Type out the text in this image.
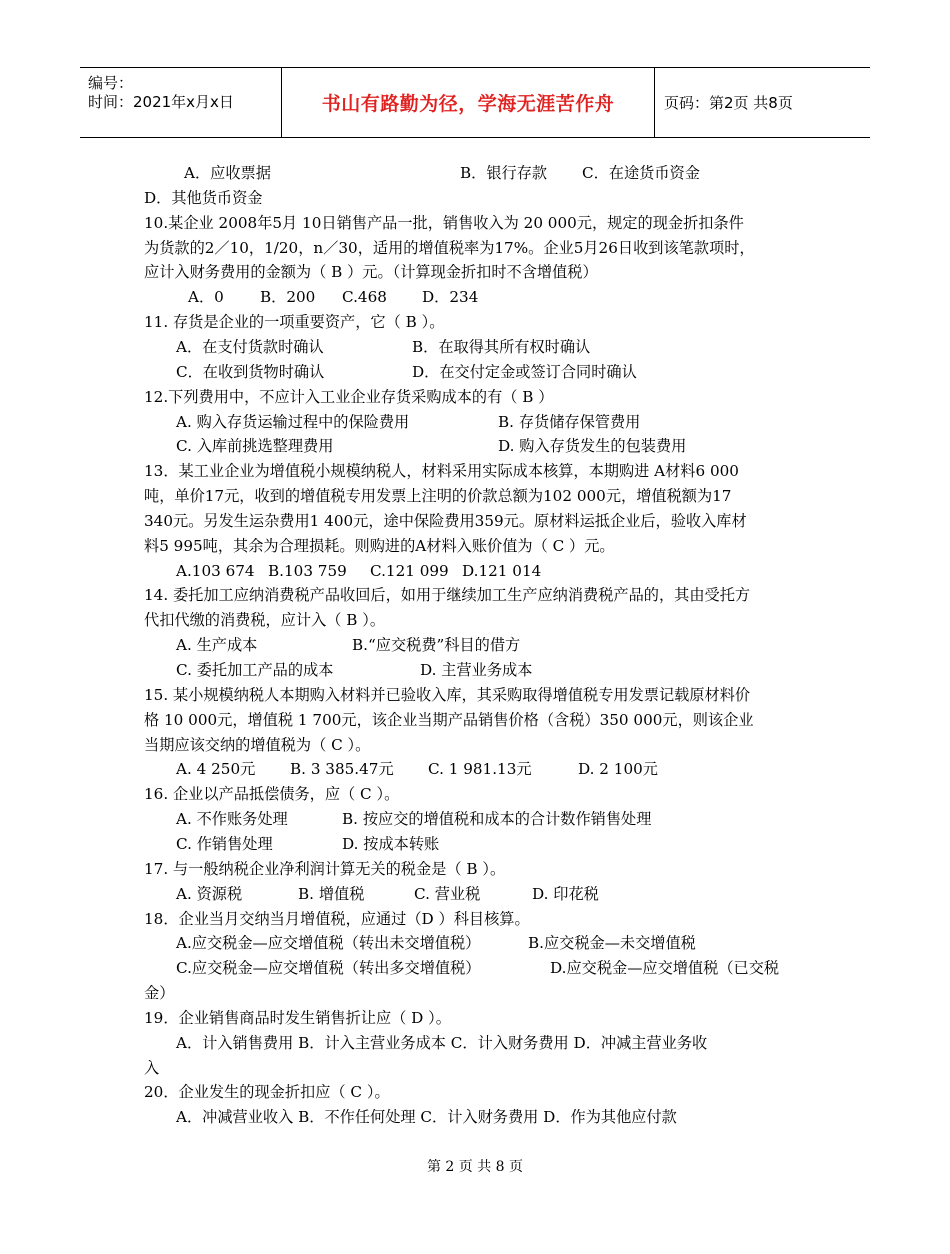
编号：
时间：2021年x月x日	书山有路勤为径，学海无涯苦作舟	页码：第2页 共8页
A．应收票据	B．银行存款 C．在途货币资金
D．其他货币资金
10.某企业 2008年5月 10日销售产品一批，销售收入为 20 000元，规定的现金折扣条件
为货款的2／10，1/20，n／30，适用的增值税率为17%。企业5月26日收到该笔款项时，
应计入财务费用的金额为（ B ）元。（计算现金折扣时不含增值税）
A．0 B．200 C.468 D．234
11. 存货是企业的一项重要资产，它（ B ）。
A．在支付货款时确认	B．在取得其所有权时确认
C．在收到货物时确认	D．在交付定金或签订合同时确认
12.下列费用中，不应计入工业企业存货采购成本的有（ B ）
A. 购入存货运输过程中的保险费用	B. 存货储存保管费用
C. 入库前挑选整理费用	D. 购入存货发生的包装费用
13．某工业企业为增值税小规模纳税人，材料采用实际成本核算，本期购进 A材料6 000
吨，单价17元，收到的增值税专用发票上注明的价款总额为102 000元，增值税额为17
340元。另发生运杂费用1 400元，途中保险费用359元。原材料运抵企业后，验收入库材
料5 995吨，其余为合理损耗。则购进的A材料入账价值为（ C ）元。
A.103 674 B.103 759 C.121 099 D.121 014
14. 委托加工应纳消费税产品收回后，如用于继续加工生产应纳消费税产品的，其由受托方
代扣代缴的消费税，应计入（ B ）。
A. 生产成本	B.“应交税费”科目的借方
C. 委托加工产品的成本	D. 主营业务成本
15. 某小规模纳税人本期购入材料并已验收入库，其采购取得增值税专用发票记载原材料价
格 10 000元，增值税 1 700元，该企业当期产品销售价格（含税）350 000元，则该企业
当期应该交纳的增值税为（ C ）。
A. 4 250元 B. 3 385.47元 C. 1 981.13元	D. 2 100元
16. 企业以产品抵偿债务，应（ C ）。
A. 不作账务处理	B. 按应交的增值税和成本的合计数作销售处理
C. 作销售处理	D. 按成本转账
17. 与一般纳税企业净利润计算无关的税金是（ B ）。
A. 资源税	B. 增值税	C. 营业税	D. 印花税
18．企业当月交纳当月增值税，应通过（D ）科目核算。
A.应交税金—应交增值税（转出未交增值税）	B.应交税金—未交增值税
C.应交税金—应交增值税（转出多交增值税）	D.应交税金—应交增值税（已交税
金）
19．企业销售商品时发生销售折让应（ D ）。
A．计入销售费用 B．计入主营业务成本 C．计入财务费用 D．冲减主营业务收
入
20．企业发生的现金折扣应（ C ）。
A．冲减营业收入 B．不作任何处理 C．计入财务费用 D．作为其他应付款
第 2 页 共 8 页
